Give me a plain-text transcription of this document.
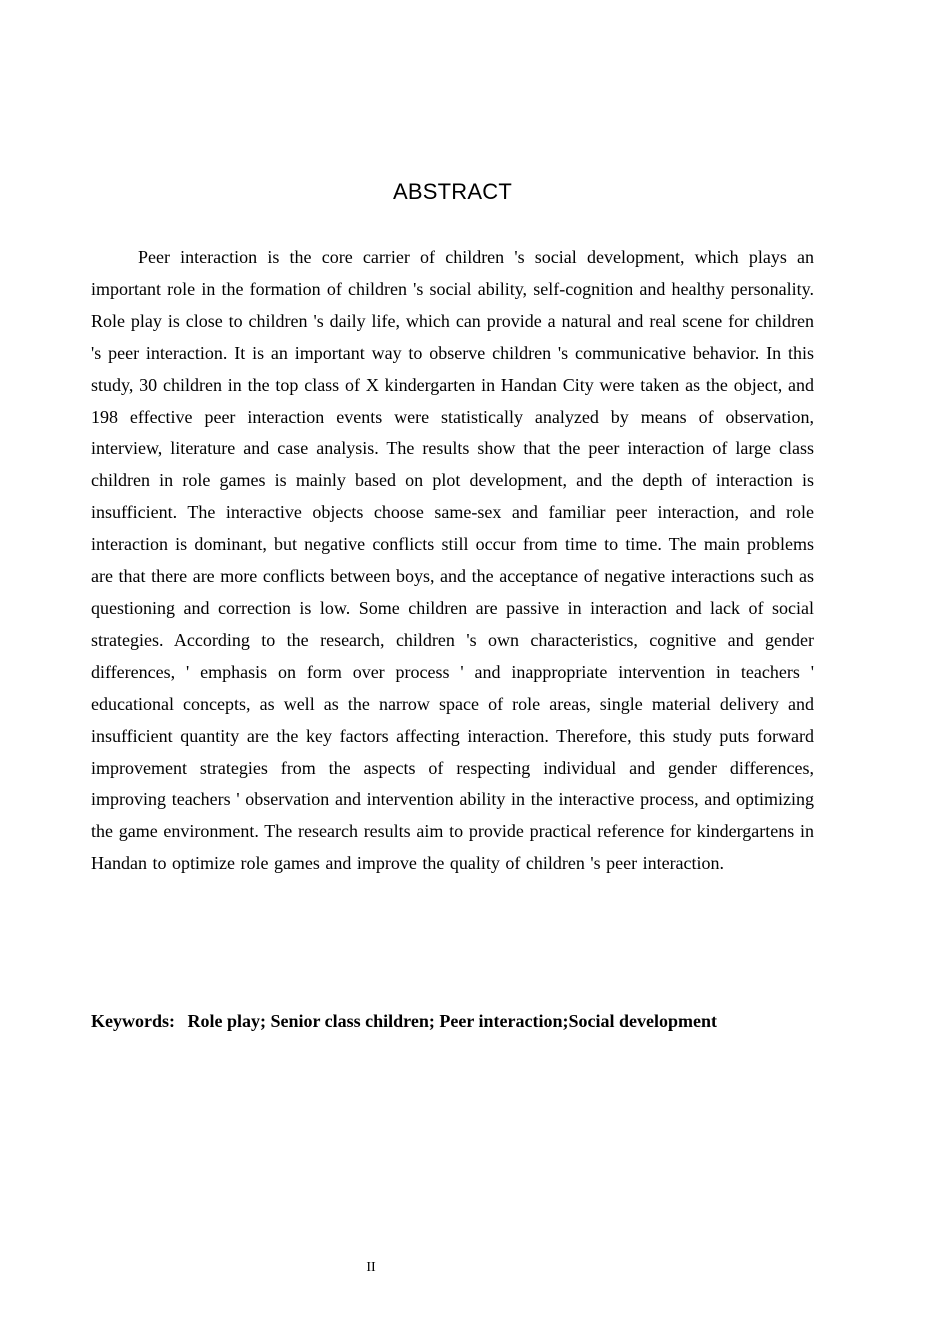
ABSTRACT

Peer interaction is the core carrier of children 's social development, which plays an important role in the formation of children 's social ability, self-cognition and healthy personality. Role play is close to children 's daily life, which can provide a natural and real scene for children 's peer interaction. It is an important way to observe children 's communicative behavior. In this study, 30 children in the top class of X kindergarten in Handan City were taken as the object, and 198 effective peer interaction events were statistically analyzed by means of observation, interview, literature and case analysis. The results show that the peer interaction of large class children in role games is mainly based on plot development, and the depth of interaction is insufficient. The interactive objects choose same-sex and familiar peer interaction, and role interaction is dominant, but negative conflicts still occur from time to time. The main problems are that there are more conflicts between boys, and the acceptance of negative interactions such as questioning and correction is low. Some children are passive in interaction and lack of social strategies. According to the research, children 's own characteristics, cognitive and gender differences, ' emphasis on form over process ' and inappropriate intervention in teachers ' educational concepts, as well as the narrow space of role areas, single material delivery and insufficient quantity are the key factors affecting interaction. Therefore, this study puts forward improvement strategies from the aspects of respecting individual and gender differences, improving teachers ' observation and intervention ability in the interactive process, and optimizing the game environment. The research results aim to provide practical reference for kindergartens in Handan to optimize role games and improve the quality of children 's peer interaction.

Keywords: Role play; Senior class children; Peer interaction;Social development
II
